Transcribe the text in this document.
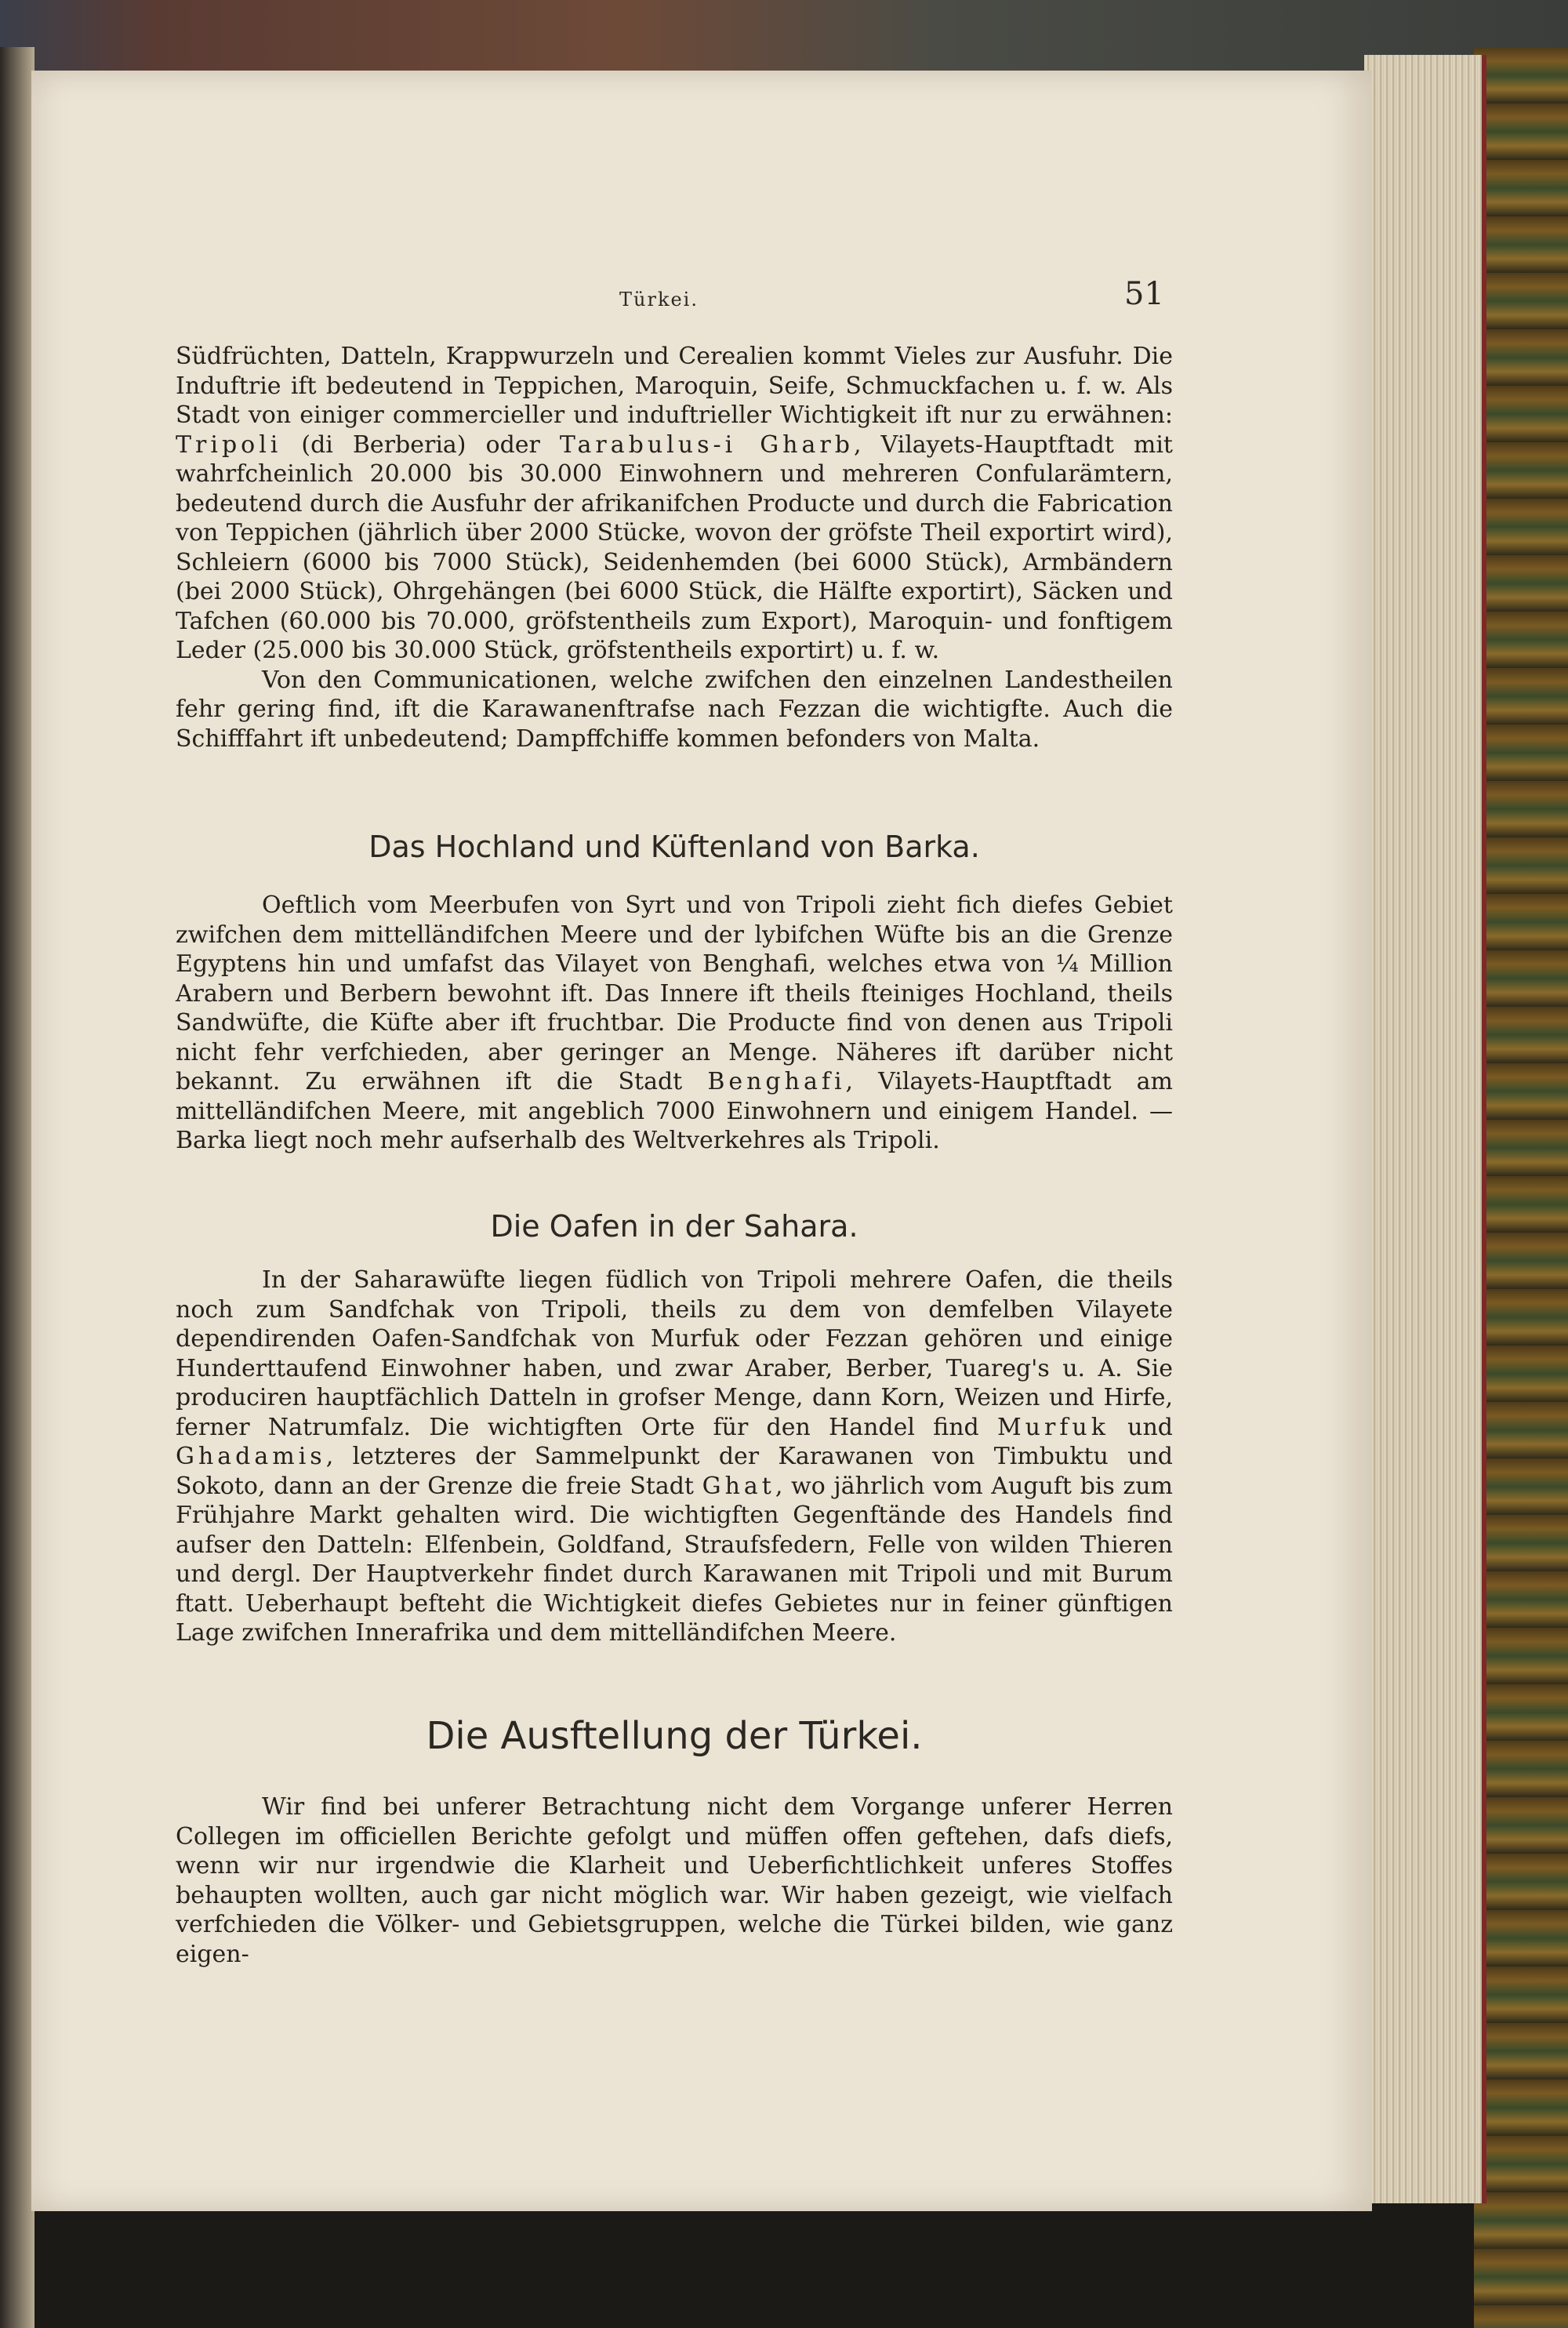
Türkei.	51

Südfrüchten, Datteln, Krappwurzeln und Cerealien kommt Vieles zur Ausfuhr. Die Induftrie ift bedeutend in Teppichen, Maroquin, Seife, Schmuckfachen u. f. w. Als Stadt von einiger commercieller und induftrieller Wichtigkeit ift nur zu erwähnen: Tripoli (di Berberia) oder Tarabulus-i Gharb, Vilayets-Hauptftadt mit wahrfcheinlich 20.000 bis 30.000 Einwohnern und mehreren Confularämtern, bedeutend durch die Ausfuhr der afrikanifchen Producte und durch die Fabrication von Teppichen (jährlich über 2000 Stücke, wovon der gröfste Theil exportirt wird), Schleiern (6000 bis 7000 Stück), Seidenhemden (bei 6000 Stück), Armbändern (bei 2000 Stück), Ohrgehängen (bei 6000 Stück, die Hälfte exportirt), Säcken und Tafchen (60.000 bis 70.000, gröfstentheils zum Export), Maroquin- und fonftigem Leder (25.000 bis 30.000 Stück, gröfstentheils exportirt) u. f. w.

Von den Communicationen, welche zwifchen den einzelnen Landestheilen fehr gering find, ift die Karawanenftrafse nach Fezzan die wichtigfte. Auch die Schifffahrt ift unbedeutend; Dampffchiffe kommen befonders von Malta.

Das Hochland und Küftenland von Barka.

Oeftlich vom Meerbufen von Syrt und von Tripoli zieht fich diefes Gebiet zwifchen dem mittelländifchen Meere und der lybifchen Wüfte bis an die Grenze Egyptens hin und umfafst das Vilayet von Benghafi, welches etwa von ¼ Million Arabern und Berbern bewohnt ift. Das Innere ift theils fteiniges Hochland, theils Sandwüfte, die Küfte aber ift fruchtbar. Die Producte find von denen aus Tripoli nicht fehr verfchieden, aber geringer an Menge. Näheres ift darüber nicht bekannt. Zu erwähnen ift die Stadt Benghafi, Vilayets-Hauptftadt am mittelländifchen Meere, mit angeblich 7000 Einwohnern und einigem Handel. — Barka liegt noch mehr aufserhalb des Weltverkehres als Tripoli.

Die Oafen in der Sahara.

In der Saharawüfte liegen füdlich von Tripoli mehrere Oafen, die theils noch zum Sandfchak von Tripoli, theils zu dem von demfelben Vilayete dependirenden Oafen-Sandfchak von Murfuk oder Fezzan gehören und einige Hunderttaufend Einwohner haben, und zwar Araber, Berber, Tuareg's u. A. Sie produciren hauptfächlich Datteln in grofser Menge, dann Korn, Weizen und Hirfe, ferner Natrumfalz. Die wichtigften Orte für den Handel find Murfuk und Ghadamis, letzteres der Sammelpunkt der Karawanen von Timbuktu und Sokoto, dann an der Grenze die freie Stadt Ghat, wo jährlich vom Auguft bis zum Frühjahre Markt gehalten wird. Die wichtigften Gegenftände des Handels find aufser den Datteln: Elfenbein, Goldfand, Straufsfedern, Felle von wilden Thieren und dergl. Der Hauptverkehr findet durch Karawanen mit Tripoli und mit Burum ftatt. Ueberhaupt befteht die Wichtigkeit diefes Gebietes nur in feiner günftigen Lage zwifchen Innerafrika und dem mittelländifchen Meere.

Die Ausftellung der Türkei.

Wir find bei unferer Betrachtung nicht dem Vorgange unferer Herren Collegen im officiellen Berichte gefolgt und müffen offen geftehen, dafs diefs, wenn wir nur irgendwie die Klarheit und Ueberfichtlichkeit unferes Stoffes behaupten wollten, auch gar nicht möglich war. Wir haben gezeigt, wie vielfach verfchieden die Völker- und Gebietsgruppen, welche die Türkei bilden, wie ganz eigen-
